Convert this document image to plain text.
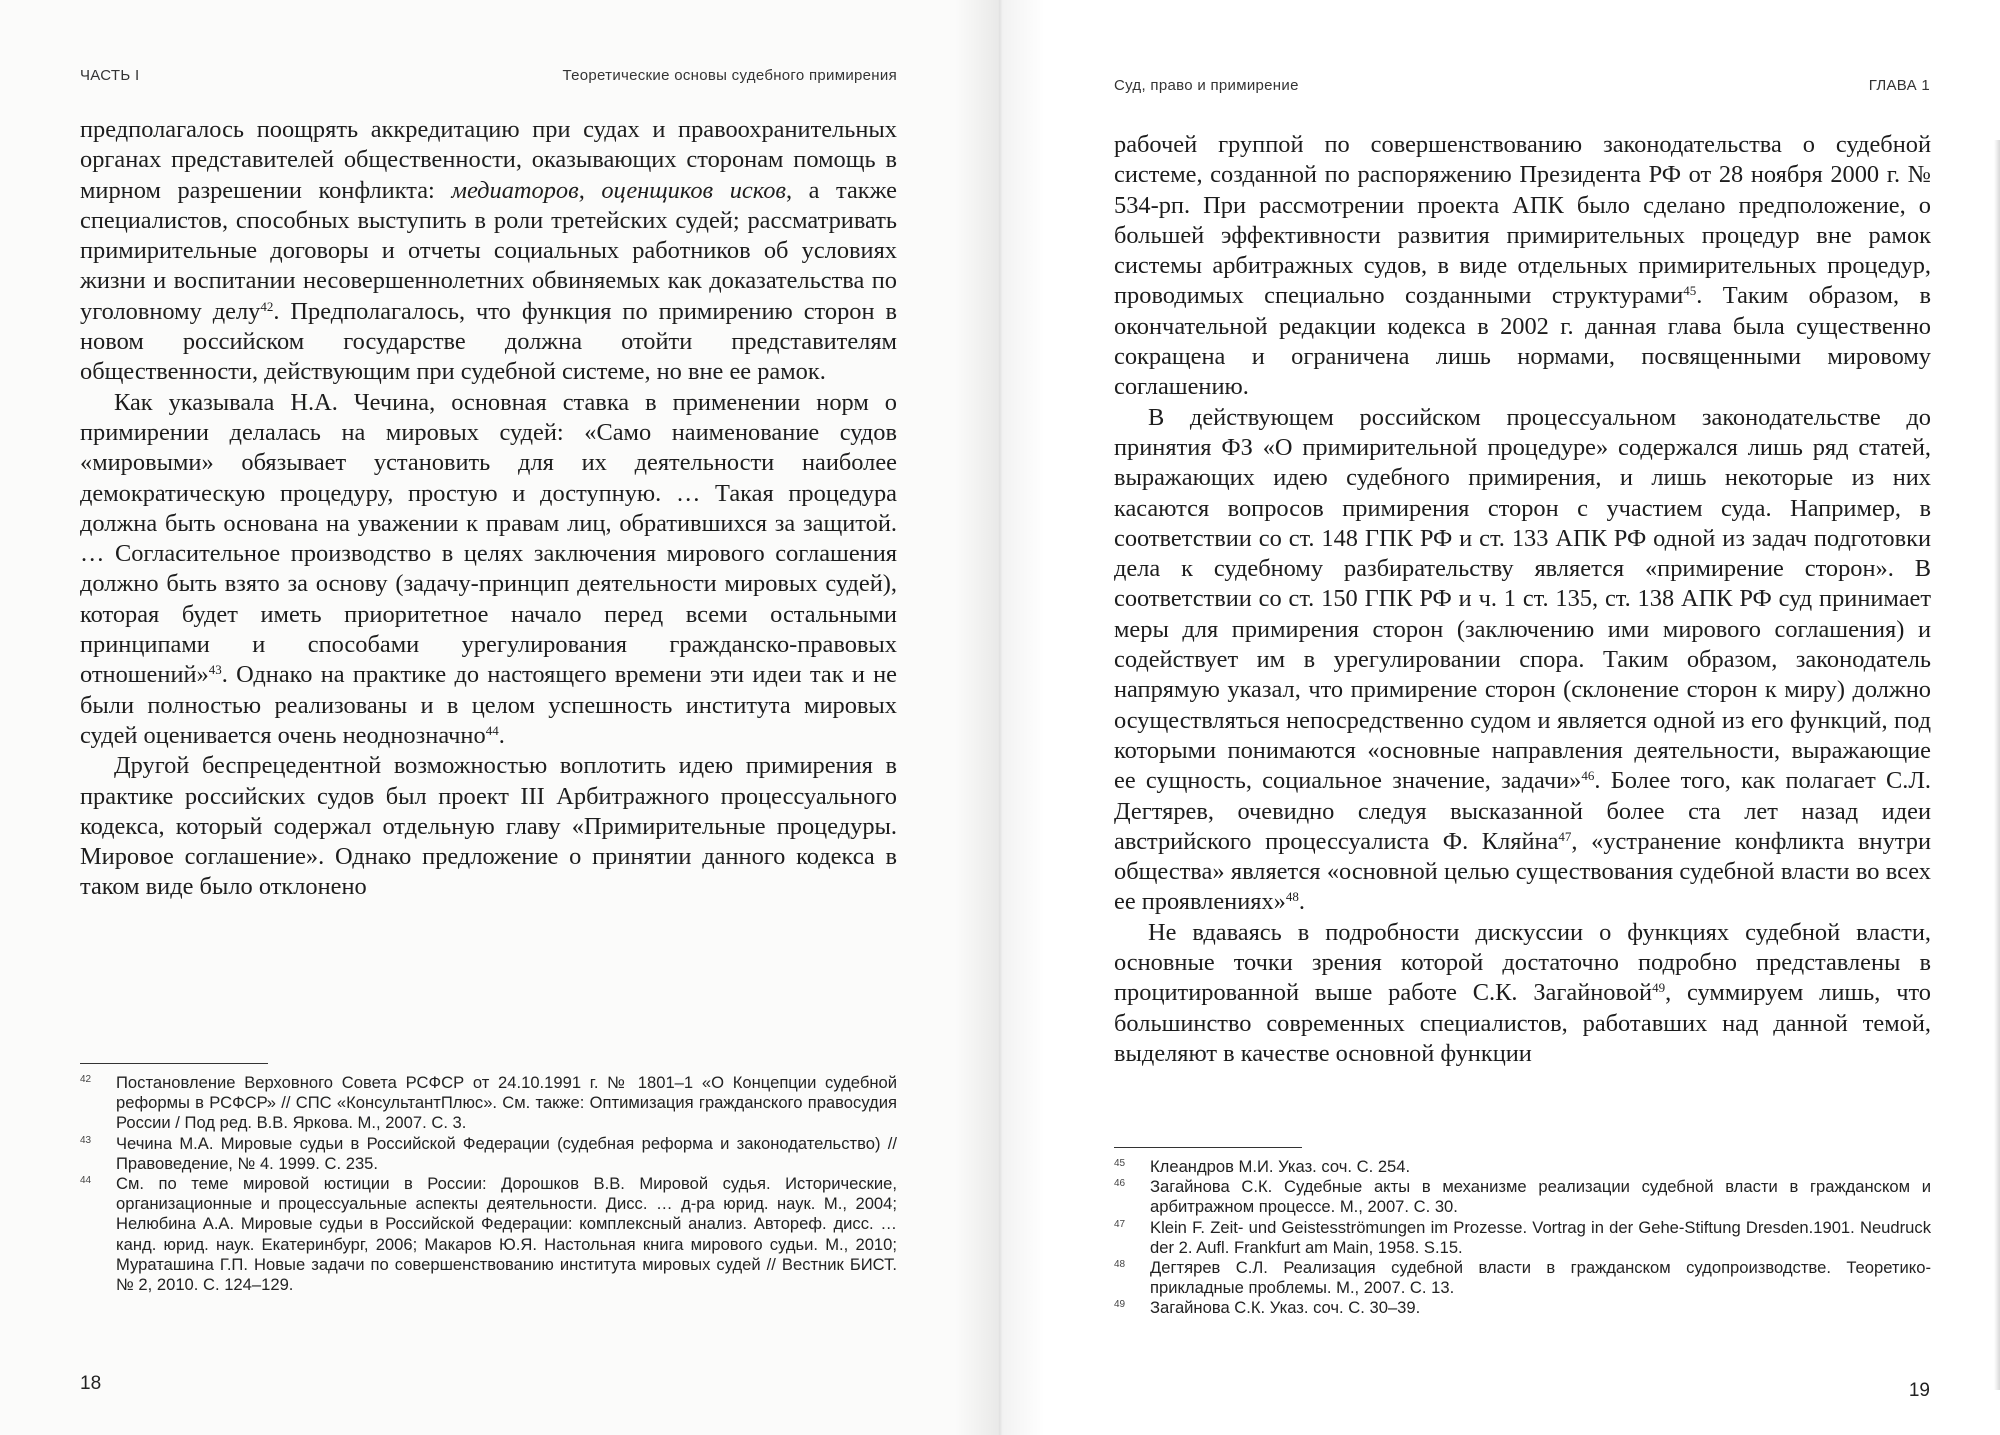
ЧАСТЬ I	Теоретические основы судебного примирения

предполагалось поощрять аккредитацию при судах и правоохранительных органах представителей общественности, оказывающих сторонам помощь в мирном разрешении конфликта: медиаторов, оценщиков исков, а также специалистов, способных выступить в роли третейских судей; рассматривать примирительные договоры и отчеты социальных работников об условиях жизни и воспитании несовершеннолетних обвиняемых как доказательства по уголовному делу$^{42}$. Предполагалось, что функция по примирению сторон в новом российском государстве должна отойти представителям общественности, действующим при судебной системе, но вне ее рамок.

Как указывала Н.А. Чечина, основная ставка в применении норм о примирении делалась на мировых судей: «Само наименование судов «мировыми» обязывает установить для их деятельности наиболее демократическую процедуру, простую и доступную. … Такая процедура должна быть основана на уважении к правам лиц, обратившихся за защитой. … Согласительное производство в целях заключения мирового соглашения должно быть взято за основу (задачу-принцип деятельности мировых судей), которая будет иметь приоритетное начало перед всеми остальными принципами и способами урегулирования гражданско-правовых отношений»$^{43}$. Однако на практике до настоящего времени эти идеи так и не были полностью реализованы и в целом успешность института мировых судей оценивается очень неоднозначно$^{44}$.

Другой беспрецедентной возможностью воплотить идею примирения в практике российских судов был проект III Арбитражного процессуального кодекса, который содержал отдельную главу «Примирительные процедуры. Мировое соглашение». Однако предложение о принятии данного кодекса в таком виде было отклонено

42 Постановление Верховного Совета РСФСР от 24.10.1991 г. № 1801–1 «О Концепции судебной реформы в РСФСР» // СПС «КонсультантПлюс». См. также: Оптимизация гражданского правосудия России / Под ред. В.В. Яркова. М., 2007. С. 3.

43 Чечина М.А. Мировые судьи в Российской Федерации (судебная реформа и законодательство) // Правоведение, № 4. 1999. С. 235.

44 См. по теме мировой юстиции в России: Дорошков В.В. Мировой судья. Исторические, организационные и процессуальные аспекты деятельности. Дисс. … д-ра юрид. наук. М., 2004; Нелюбина А.А. Мировые судьи в Российской Федерации: комплексный анализ. Автореф. дисс. … канд. юрид. наук. Екатеринбург, 2006; Макаров Ю.Я. Настольная книга мирового судьи. М., 2010; Мураташина Г.П. Новые задачи по совершенствованию института мировых судей // Вестник БИСТ. № 2, 2010. С. 124–129.

18
Суд, право и примирение	ГЛАВА 1

рабочей группой по совершенствованию законодательства о судебной системе, созданной по распоряжению Президента РФ от 28 ноября 2000 г. № 534-рп. При рассмотрении проекта АПК было сделано предположение, о большей эффективности развития примирительных процедур вне рамок системы арбитражных судов, в виде отдельных примирительных процедур, проводимых специально созданными структурами$^{45}$. Таким образом, в окончательной редакции кодекса в 2002 г. данная глава была существенно сокращена и ограничена лишь нормами, посвященными мировому соглашению.

В действующем российском процессуальном законодательстве до принятия ФЗ «О примирительной процедуре» содержался лишь ряд статей, выражающих идею судебного примирения, и лишь некоторые из них касаются вопросов примирения сторон с участием суда. Например, в соответствии со ст. 148 ГПК РФ и ст. 133 АПК РФ одной из задач подготовки дела к судебному разбирательству является «примирение сторон». В соответствии со ст. 150 ГПК РФ и ч. 1 ст. 135, ст. 138 АПК РФ суд принимает меры для примирения сторон (заключению ими мирового соглашения) и содействует им в урегулировании спора. Таким образом, законодатель напрямую указал, что примирение сторон (склонение сторон к миру) должно осуществляться непосредственно судом и является одной из его функций, под которыми понимаются «основные направления деятельности, выражающие ее сущность, социальное значение, задачи»$^{46}$. Более того, как полагает С.Л. Дегтярев, очевидно следуя высказанной более ста лет назад идеи австрийского процессуалиста Ф. Кляйна$^{47}$, «устранение конфликта внутри общества» является «основной целью существования судебной власти во всех ее проявлениях»$^{48}$.

Не вдаваясь в подробности дискуссии о функциях судебной власти, основные точки зрения которой достаточно подробно представлены в процитированной выше работе С.К. Загайновой$^{49}$, суммируем лишь, что большинство современных специалистов, работавших над данной темой, выделяют в качестве основной функции

45 Клеандров М.И. Указ. соч. С. 254.

46 Загайнова С.К. Судебные акты в механизме реализации судебной власти в гражданском и арбитражном процессе. М., 2007. С. 30.

47 Klein F. Zeit- und Geistesströmungen im Prozesse. Vortrag in der Gehe-Stiftung Dresden.1901. Neudruck der 2. Aufl. Frankfurt am Main, 1958. S.15.

48 Дегтярев С.Л. Реализация судебной власти в гражданском судопроизводстве. Теоретико-прикладные проблемы. М., 2007. С. 13.

49 Загайнова С.К. Указ. соч. С. 30–39.

19
